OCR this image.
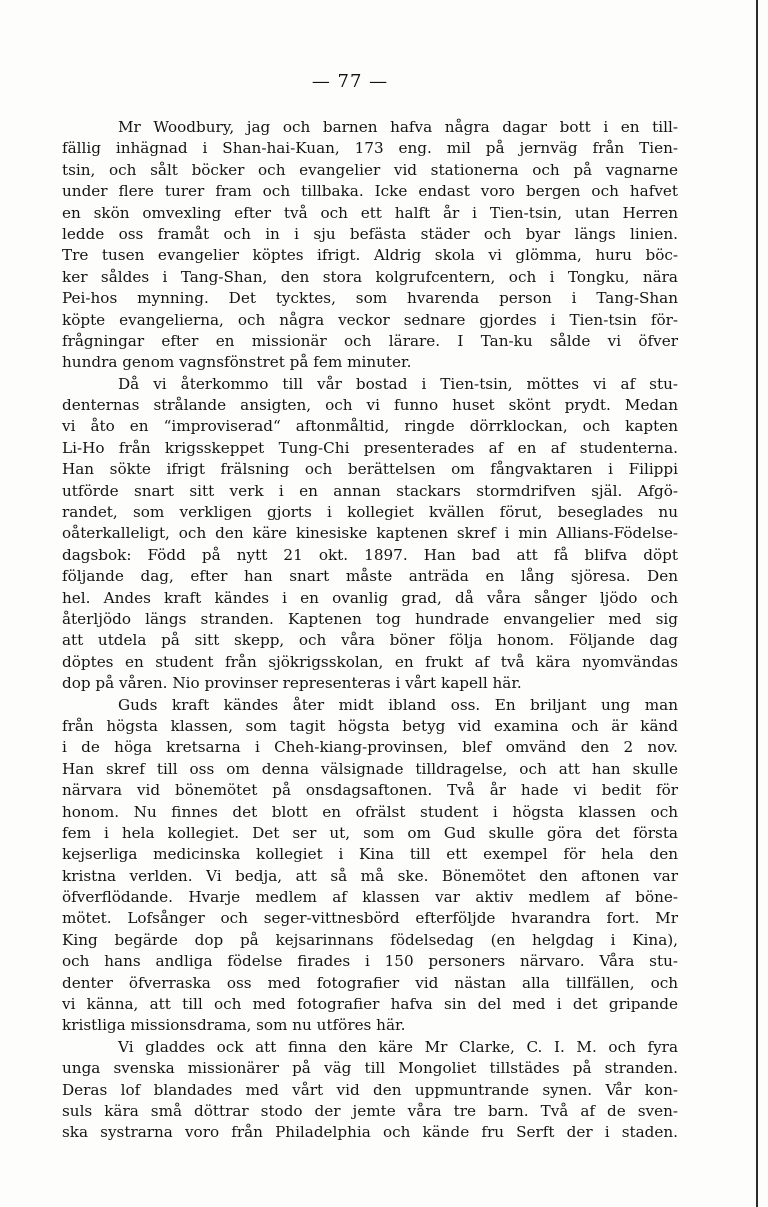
— 77 —
Mr Woodbury, jag och barnen hafva några dagar bott i en till-
fällig inhägnad i Shan-hai-Kuan, 173 eng. mil på jernväg från Tien-
tsin, och sålt böcker och evangelier vid stationerna och på vagnarne
under flere turer fram och tillbaka. Icke endast voro bergen och hafvet
en skön omvexling efter två och ett halft år i Tien-tsin, utan Herren
ledde oss framåt och in i sju befästa städer och byar längs linien.
Tre tusen evangelier köptes ifrigt. Aldrig skola vi glömma, huru böc-
ker såldes i Tang-Shan, den stora kolgrufcentern, och i Tongku, nära
Pei-hos mynning. Det tycktes, som hvarenda person i Tang-Shan
köpte evangelierna, och några veckor sednare gjordes i Tien-tsin för-
frågningar efter en missionär och lärare. I Tan-ku sålde vi öfver
hundra genom vagnsfönstret på fem minuter.
Då vi återkommo till vår bostad i Tien-tsin, möttes vi af stu-
denternas strålande ansigten, och vi funno huset skönt prydt. Medan
vi åto en “improviserad“ aftonmåltid, ringde dörrklockan, och kapten
Li-Ho från krigsskeppet Tung-Chi presenterades af en af studenterna.
Han sökte ifrigt frälsning och berättelsen om fångvaktaren i Filippi
utförde snart sitt verk i en annan stackars stormdrifven själ. Afgö-
randet, som verkligen gjorts i kollegiet kvällen förut, beseglades nu
oåterkalleligt, och den käre kinesiske kaptenen skref i min Allians-Födelse-
dagsbok: Född på nytt 21 okt. 1897. Han bad att få blifva döpt
följande dag, efter han snart måste anträda en lång sjöresa. Den
hel. Andes kraft kändes i en ovanlig grad, då våra sånger ljödo och
återljödo längs stranden. Kaptenen tog hundrade envangelier med sig
att utdela på sitt skepp, och våra böner följa honom. Följande dag
döptes en student från sjökrigsskolan, en frukt af två kära nyomvändas
dop på våren. Nio provinser representeras i vårt kapell här.
Guds kraft kändes åter midt ibland oss. En briljant ung man
från högsta klassen, som tagit högsta betyg vid examina och är känd
i de höga kretsarna i Cheh-kiang-provinsen, blef omvänd den 2 nov.
Han skref till oss om denna välsignade tilldragelse, och att han skulle
närvara vid bönemötet på onsdagsaftonen. Två år hade vi bedit för
honom. Nu finnes det blott en ofrälst student i högsta klassen och
fem i hela kollegiet. Det ser ut, som om Gud skulle göra det första
kejserliga medicinska kollegiet i Kina till ett exempel för hela den
kristna verlden. Vi bedja, att så må ske. Bönemötet den aftonen var
öfverflödande. Hvarje medlem af klassen var aktiv medlem af böne-
mötet. Lofsånger och seger-vittnesbörd efterföljde hvarandra fort. Mr
King begärde dop på kejsarinnans födelsedag (en helgdag i Kina),
och hans andliga födelse firades i 150 personers närvaro. Våra stu-
denter öfverraska oss med fotografier vid nästan alla tillfällen, och
vi känna, att till och med fotografier hafva sin del med i det gripande
kristliga missionsdrama, som nu utföres här.
Vi gladdes ock att finna den käre Mr Clarke, C. I. M. och fyra
unga svenska missionärer på väg till Mongoliet tillstädes på stranden.
Deras lof blandades med vårt vid den uppmuntrande synen. Vår kon-
suls kära små döttrar stodo der jemte våra tre barn. Två af de sven-
ska systrarna voro från Philadelphia och kände fru Serft der i staden.
